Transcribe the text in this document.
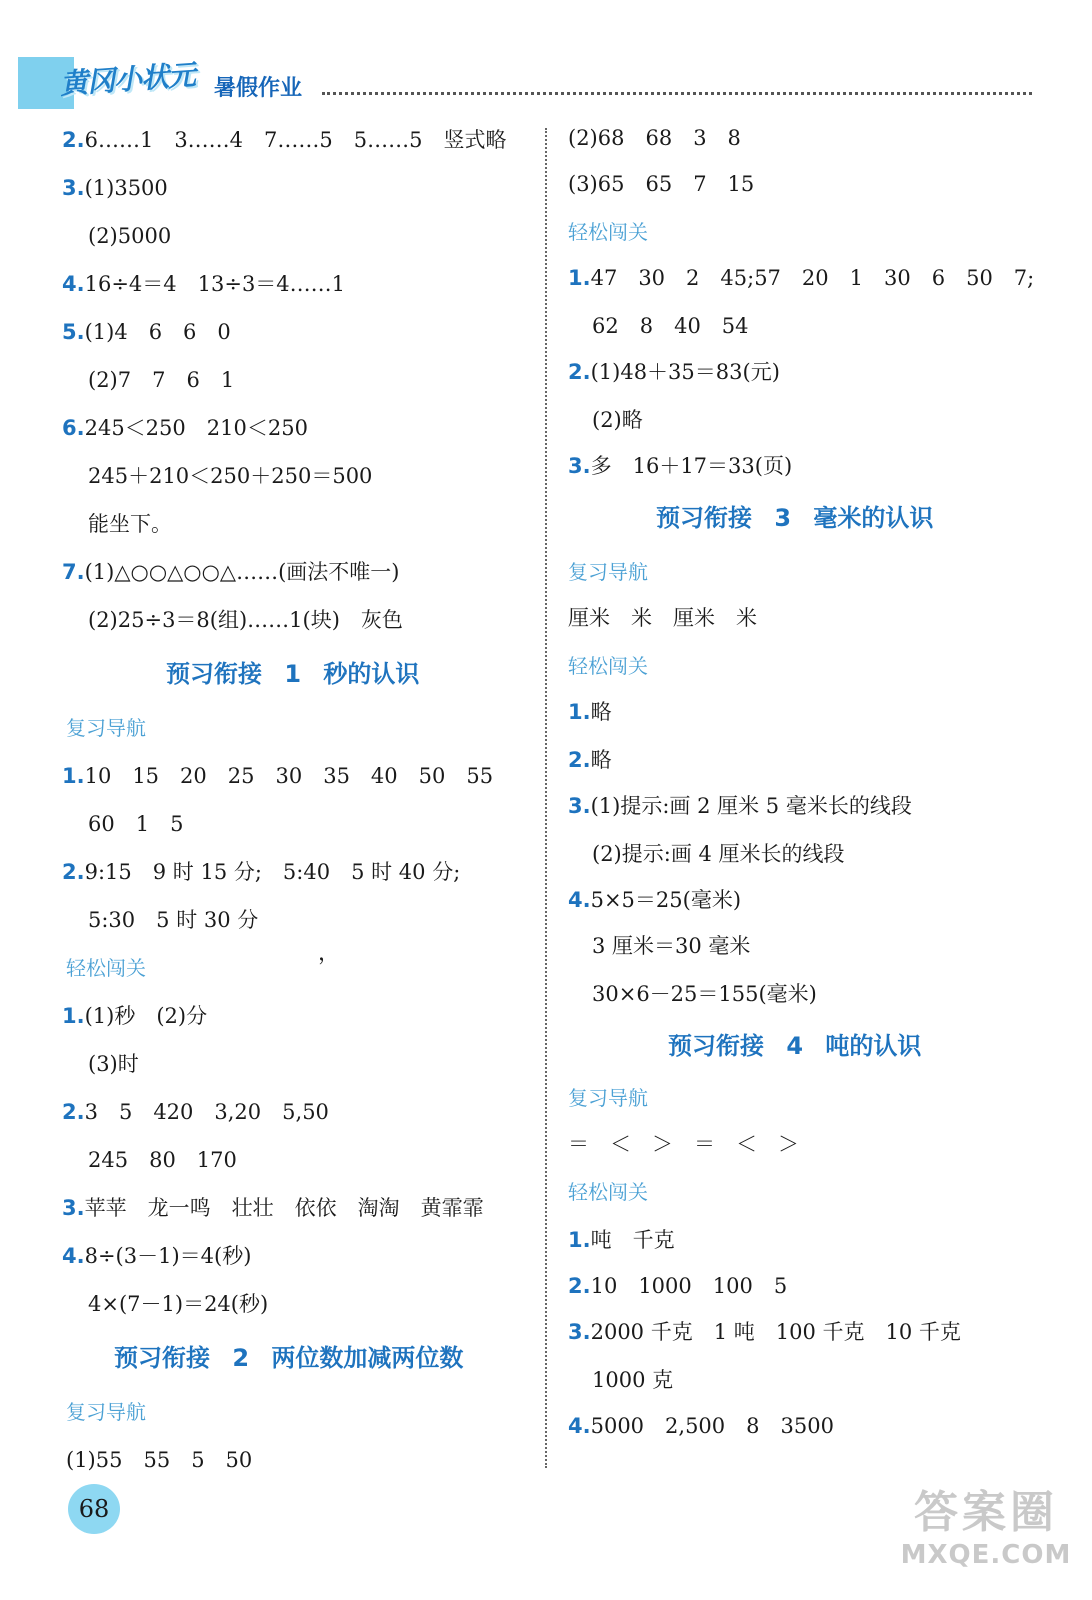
黄冈小状元 暑假作业
2.6……1　3……4　7……5　5……5　竖式略
3.(1)3500
(2)5000
4.16÷4＝4　13÷3＝4……1
5.(1)4　6　6　0
(2)7　7　6　1
6.245＜250　210＜250
245＋210＜250＋250＝500
能坐下。
7.(1)△○○△○○△……(画法不唯一)
(2)25÷3＝8(组)……1(块)　灰色
预习衔接 1 秒的认识
复习导航
1.10　15　20　25　30　35　40　50　55
60　1　5
2.9:15　9 时 15 分;　5:40　5 时 40 分;
5:30　5 时 30 分
，
轻松闯关
1.(1)秒　(2)分
(3)时
2.3　5　420　3,20　5,50
245　80　170
3.苹苹　龙一鸣　壮壮　依依　淘淘　黄霏霏
4.8÷(3－1)＝4(秒)
4×(7－1)＝24(秒)
预习衔接 2 两位数加减两位数
复习导航
(1)55　55　5　50
(2)68　68　3　8
(3)65　65　7　15
轻松闯关
1.47　30　2　45;57　20　1　30　6　50　7;
62　8　40　54
2.(1)48＋35＝83(元)
(2)略
3.多　16＋17＝33(页)
预习衔接 3 毫米的认识
复习导航
厘米　米　厘米　米
轻松闯关
1.略
2.略
3.(1)提示:画 2 厘米 5 毫米长的线段
(2)提示:画 4 厘米长的线段
4.5×5＝25(毫米)
3 厘米＝30 毫米
30×6－25＝155(毫米)
预习衔接 4 吨的认识
复习导航
＝　＜　＞　＝　＜　＞
轻松闯关
1.吨　千克
2.10　1000　100　5
3.2000 千克　1 吨　100 千克　10 千克
1000 克
4.5000　2,500　8　3500
68	答案圈
MXQE.COM
